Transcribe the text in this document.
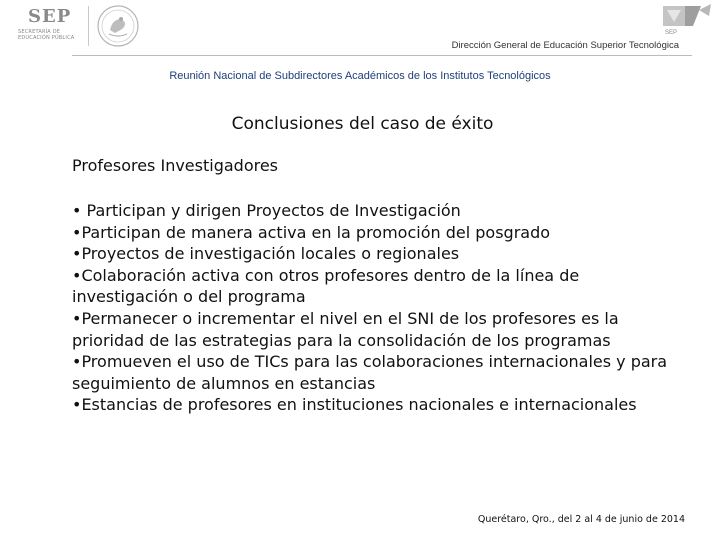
SEP
SECRETARÍA DE EDUCACIÓN PÚBLICA
SEP
Dirección General de Educación Superior Tecnológica
Reunión Nacional de Subdirectores Académicos de los Institutos Tecnológicos
Conclusiones del caso de éxito
Profesores Investigadores
• Participan y dirigen Proyectos de Investigación
•Participan de manera activa en la promoción del posgrado
•Proyectos de investigación locales o regionales
•Colaboración activa con otros profesores dentro de la línea de investigación o del programa
•Permanecer o incrementar el nivel en el SNI de los profesores es la prioridad de las estrategias para la consolidación de los programas
•Promueven el uso de TICs para las colaboraciones internacionales y para seguimiento de alumnos en estancias
•Estancias de profesores en instituciones nacionales e internacionales
Querétaro, Qro., del 2 al 4 de junio de 2014
